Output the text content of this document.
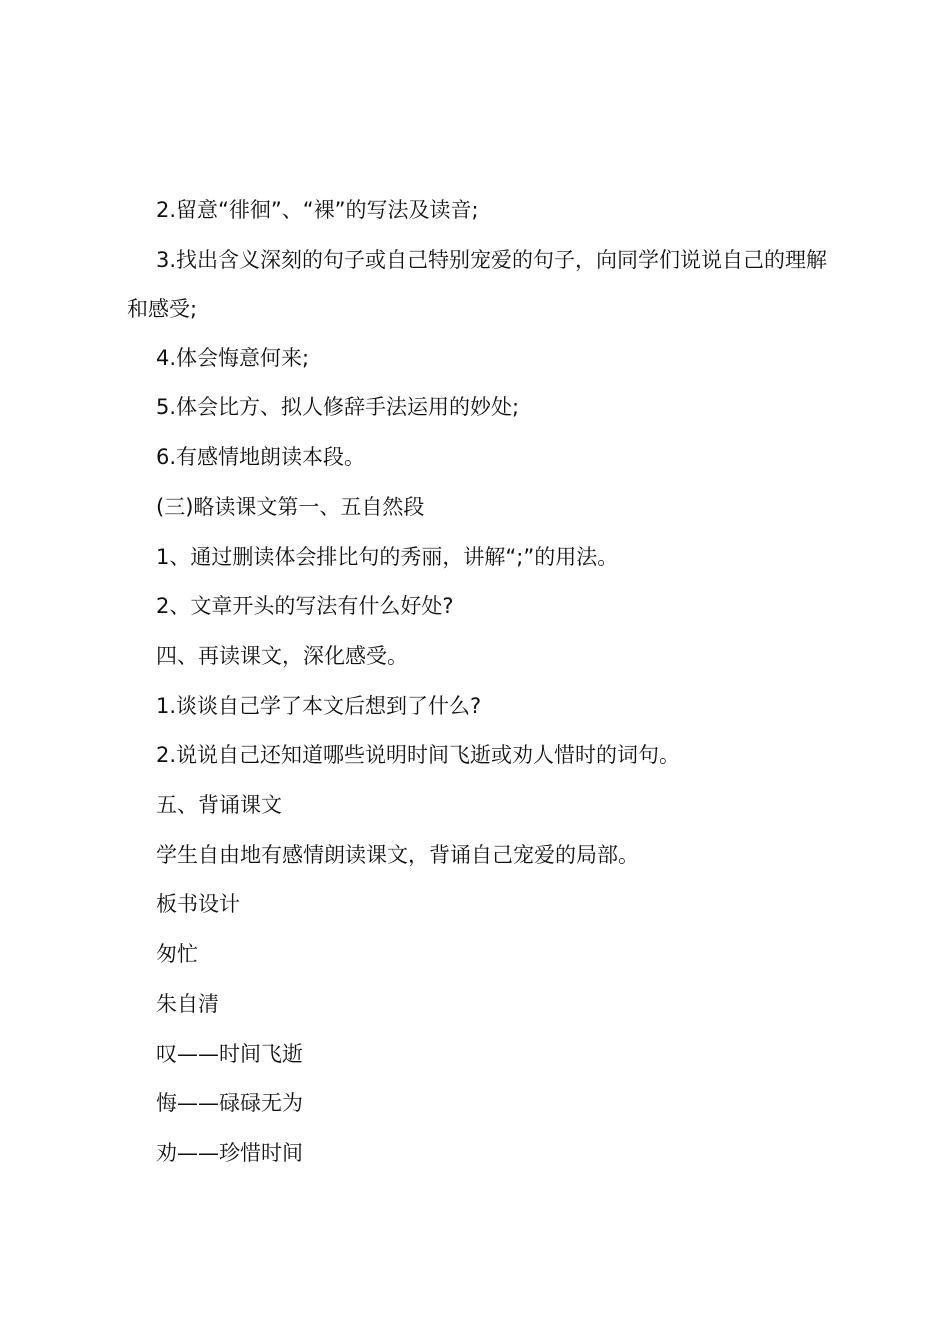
2.留意“徘徊”、“裸”的写法及读音;

3.找出含义深刻的句子或自己特别宠爱的句子，向同学们说说自己的理解和感受;

4.体会悔意何来;

5.体会比方、拟人修辞手法运用的妙处;

6.有感情地朗读本段。

(三)略读课文第一、五自然段

1、通过删读体会排比句的秀丽，讲解“;”的用法。

2、文章开头的写法有什么好处?

四、再读课文，深化感受。

1.谈谈自己学了本文后想到了什么?

2.说说自己还知道哪些说明时间飞逝或劝人惜时的词句。

五、背诵课文

学生自由地有感情朗读课文，背诵自己宠爱的局部。

板书设计

匆忙

朱自清

叹——时间飞逝

悔——碌碌无为

劝——珍惜时间
